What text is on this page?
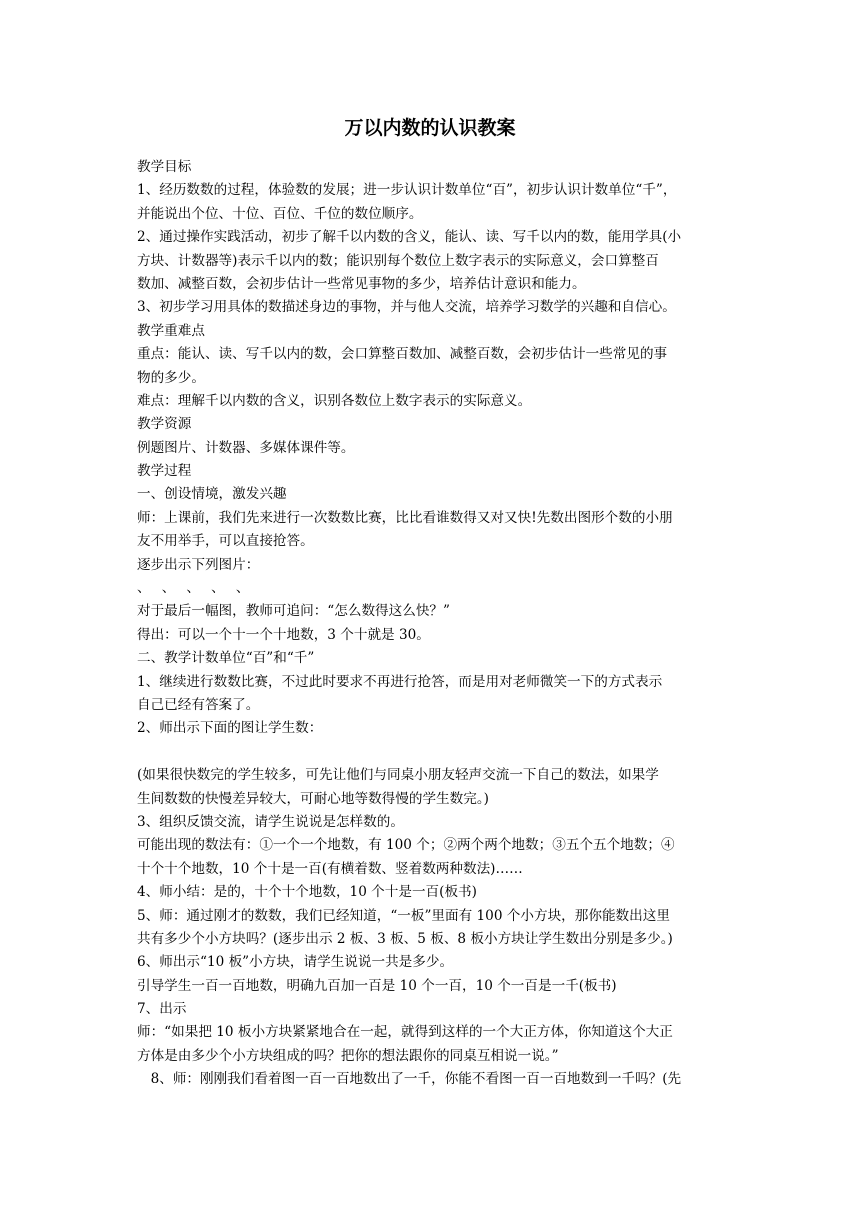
万以内数的认识教案
教学目标
1、经历数数的过程，体验数的发展；进一步认识计数单位“百”，初步认识计数单位“千”，
并能说出个位、十位、百位、千位的数位顺序。
2、通过操作实践活动，初步了解千以内数的含义，能认、读、写千以内的数，能用学具(小
方块、计数器等)表示千以内的数；能识别每个数位上数字表示的实际意义，会口算整百
数加、减整百数，会初步估计一些常见事物的多少，培养估计意识和能力。
3、初步学习用具体的数描述身边的事物，并与他人交流，培养学习数学的兴趣和自信心。
教学重难点
重点：能认、读、写千以内的数，会口算整百数加、减整百数，会初步估计一些常见的事
物的多少。
难点：理解千以内数的含义，识别各数位上数字表示的实际意义。
教学资源
例题图片、计数器、多媒体课件等。
教学过程
一、创设情境，激发兴趣
师：上课前，我们先来进行一次数数比赛，比比看谁数得又对又快!先数出图形个数的小朋
友不用举手，可以直接抢答。
逐步出示下列图片：
、　 、　 、　 、　 、
对于最后一幅图，教师可追问：“怎么数得这么快？”
得出：可以一个十一个十地数，3 个十就是 30。
二、教学计数单位“百”和“千”
1、继续进行数数比赛，不过此时要求不再进行抢答，而是用对老师微笑一下的方式表示
自己已经有答案了。
2、师出示下面的图让学生数：
(如果很快数完的学生较多，可先让他们与同桌小朋友轻声交流一下自己的数法，如果学
生间数数的快慢差异较大，可耐心地等数得慢的学生数完。)
3、组织反馈交流，请学生说说是怎样数的。
可能出现的数法有：①一个一个地数，有 100 个；②两个两个地数；③五个五个地数；④
十个十个地数，10 个十是一百(有横着数、竖着数两种数法)……
4、师小结：是的，十个十个地数，10 个十是一百(板书)
5、师：通过刚才的数数，我们已经知道，“一板”里面有 100 个小方块，那你能数出这里
共有多少个小方块吗？(逐步出示 2 板、3 板、5 板、8 板小方块让学生数出分别是多少。)
6、师出示“10 板”小方块，请学生说说一共是多少。
引导学生一百一百地数，明确九百加一百是 10 个一百，10 个一百是一千(板书)
7、出示
师：“如果把 10 板小方块紧紧地合在一起，就得到这样的一个大正方体，你知道这个大正
方体是由多少个小方块组成的吗？把你的想法跟你的同桌互相说一说。”
　8、师：刚刚我们看着图一百一百地数出了一千，你能不看图一百一百地数到一千吗？(先
